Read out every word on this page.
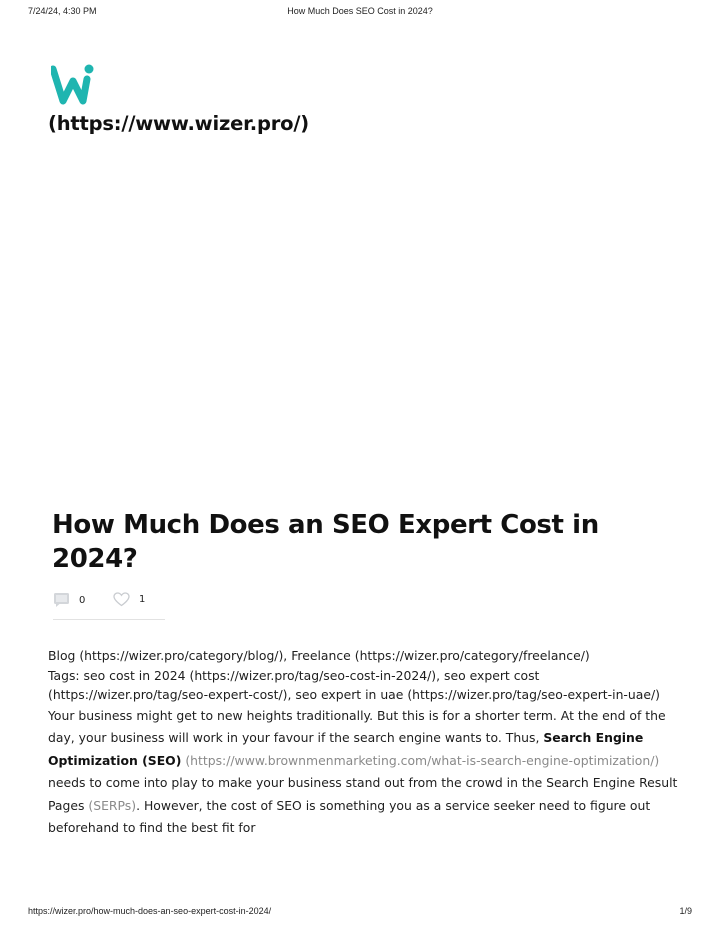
7/24/24, 4:30 PM	How Much Does SEO Cost in 2024?
(https://www.wizer.pro/)
How Much Does an SEO Expert Cost in 2024?
0	1

Blog (https://wizer.pro/category/blog/), Freelance (https://wizer.pro/category/freelance/)

Tags: seo cost in 2024 (https://wizer.pro/tag/seo-cost-in-2024/), seo expert cost (https://wizer.pro/tag/seo-expert-cost/), seo expert in uae (https://wizer.pro/tag/seo-expert-in-uae/)

Your business might get to new heights traditionally. But this is for a shorter term. At the end of the day, your business will work in your favour if the search engine wants to. Thus, Search Engine Optimization (SEO) (https://www.brownmenmarketing.com/what-is-search-engine-optimization/) needs to come into play to make your business stand out from the crowd in the Search Engine Result Pages (SERPs). However, the cost of SEO is something you as a service seeker need to figure out beforehand to find the best fit for

https://wizer.pro/how-much-does-an-seo-expert-cost-in-2024/	1/9
